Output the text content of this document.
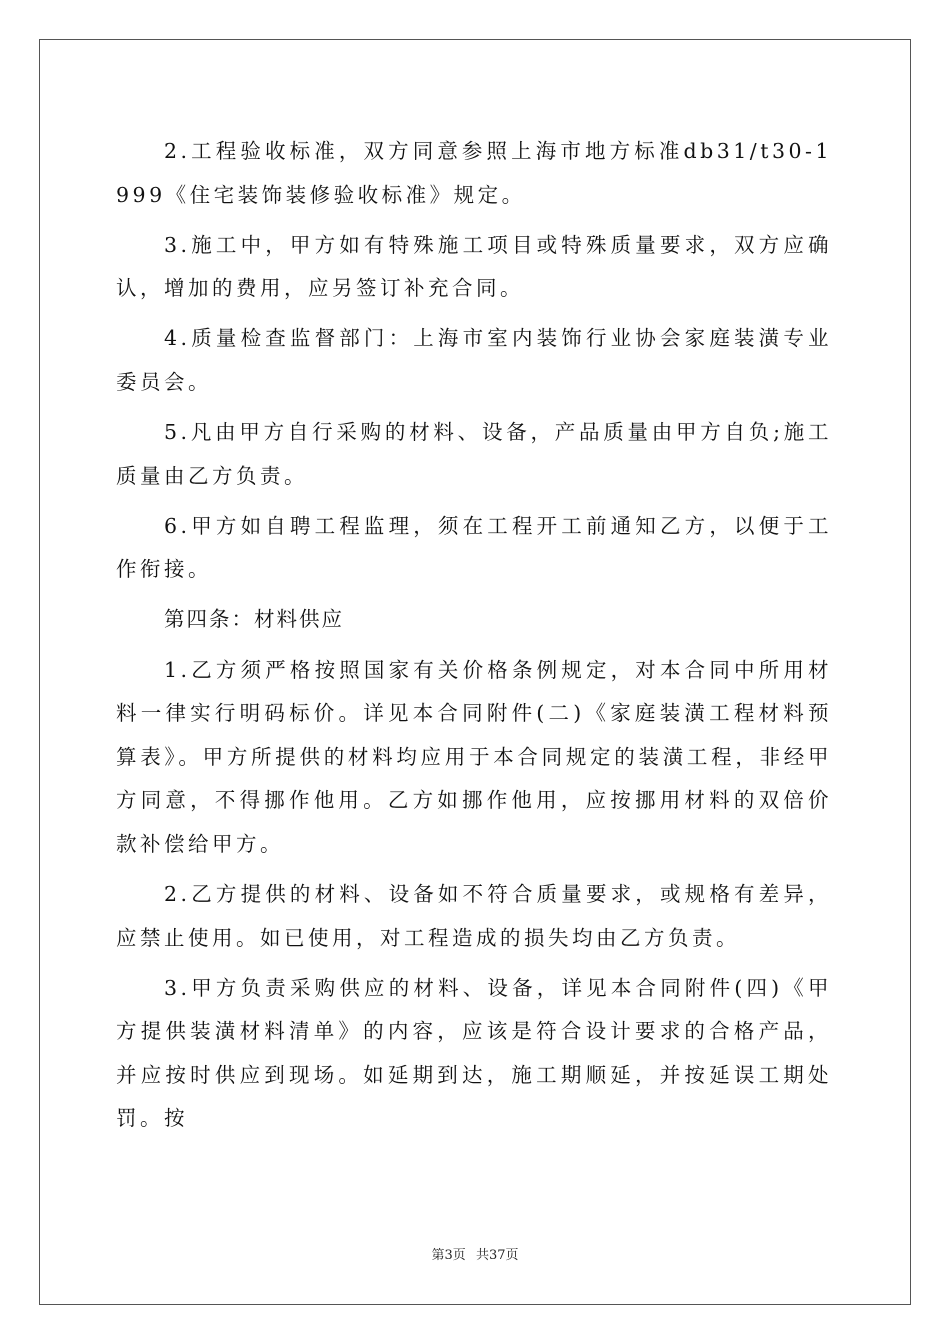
2.工程验收标准，双方同意参照上海市地方标准db31/t30-1999《住宅装饰装修验收标准》规定。

3.施工中，甲方如有特殊施工项目或特殊质量要求，双方应确认，增加的费用，应另签订补充合同。

4.质量检查监督部门：上海市室内装饰行业协会家庭装潢专业委员会。

5.凡由甲方自行采购的材料、设备，产品质量由甲方自负;施工质量由乙方负责。

6.甲方如自聘工程监理，须在工程开工前通知乙方，以便于工作衔接。

第四条：材料供应

1.乙方须严格按照国家有关价格条例规定，对本合同中所用材料一律实行明码标价。详见本合同附件(二)《家庭装潢工程材料预算表》。甲方所提供的材料均应用于本合同规定的装潢工程，非经甲方同意，不得挪作他用。乙方如挪作他用，应按挪用材料的双倍价款补偿给甲方。

2.乙方提供的材料、设备如不符合质量要求，或规格有差异，应禁止使用。如已使用，对工程造成的损失均由乙方负责。

3.甲方负责采购供应的材料、设备，详见本合同附件(四)《甲方提供装潢材料清单》的内容，应该是符合设计要求的合格产品，并应按时供应到现场。如延期到达，施工期顺延，并按延误工期处罚。按

第3页 共37页
